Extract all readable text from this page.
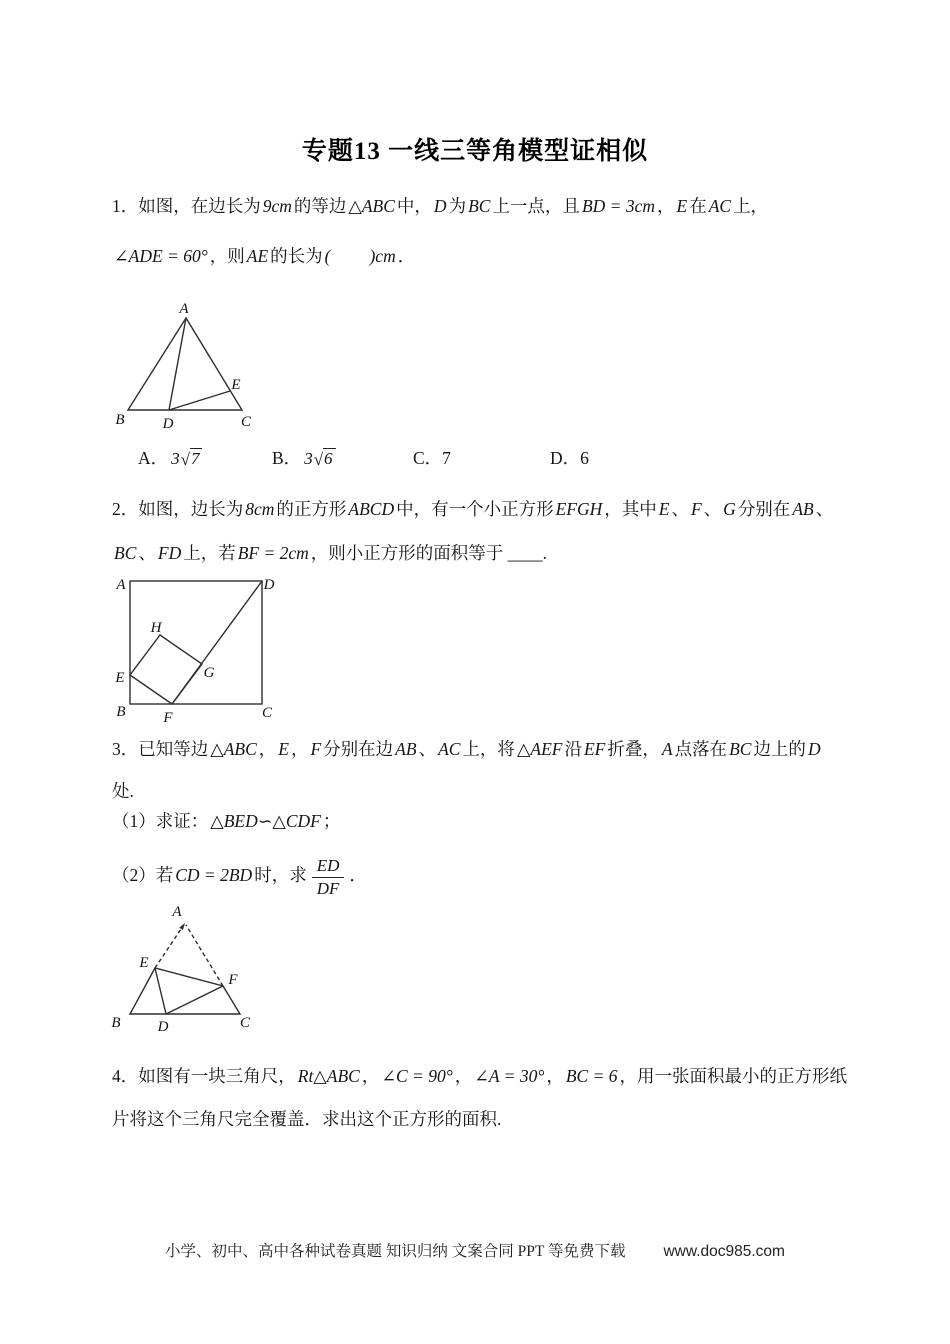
专题13 一线三等角模型证相似
1．如图，在边长为 9cm 的等边 △ABC 中， D 为 BC 上一点，且 BD = 3cm ， E 在 AC 上，
∠ADE = 60° ，则 AE 的长为 (　　 )cm ．
A
B	C
D
E
A． 3 √ 7	B． 3 √ 6	C．7	D．6
2．如图，边长为 8cm 的正方形 ABCD 中，有一个小正方形 EFGH ，其中 E 、 F 、 G 分别在 AB 、
BC 、 FD 上，若 BF = 2cm ，则小正方形的面积等于 ____.
A	D
B	C
E
F
H
G
3．已知等边 △ABC ， E ， F 分别在边 AB 、 AC 上，将 △AEF 沿 EF 折叠， A 点落在 BC 边上的 D
处.
（1）求证： △BED∽△CDF ；
（2）若 CD = 2BD 时，求 $\frac{ED}{DF}$ ．
A
E
F
B D	C
4．如图有一块三角尺， Rt△ABC ， ∠C = 90° ， ∠A = 30° ， BC = 6 ，用一张面积最小的正方形纸
片将这个三角尺完全覆盖．求出这个正方形的面积.
小学、初中、高中各种试卷真题 知识归纳 文案合同 PPT 等免费下载 www.doc985.com
